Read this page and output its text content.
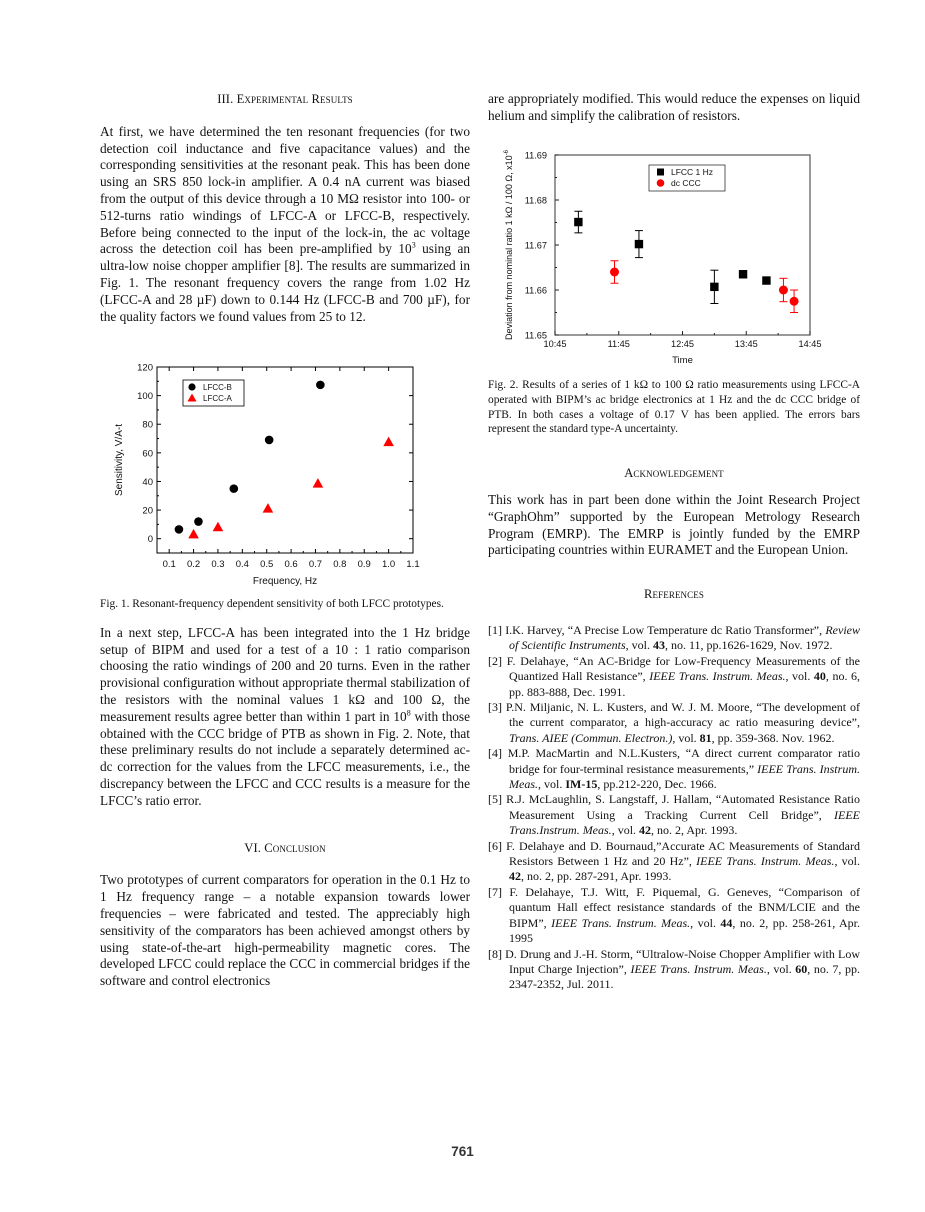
III. Experimental Results

At first, we have determined the ten resonant frequencies (for two detection coil inductance and five capacitance values) and the corresponding sensitivities at the resonant peak. This has been done using an SRS 850 lock-in amplifier. A 0.4 nA current was biased from the output of this device through a 10 MΩ resistor into 100- or 512-turns ratio windings of LFCC-A or LFCC-B, respectively. Before being connected to the input of the lock-in, the ac voltage across the detection coil has been pre-amplified by $10^3$ using an ultra-low noise chopper amplifier [8]. The results are summarized in Fig. 1. The resonant frequency covers the range from 1.02 Hz (LFCC-A and 28 µF) down to 0.144 Hz (LFCC-B and 700 µF), for the quality factors we found values from 25 to 12.

0.1 0.2 0.3 0.4 0.5 0.6 0.7 0.8 0.9 1.0 1.1
0
20
40
60
80
100
120
Frequency, Hz
Sensitivity, V/A-t
LFCC-B
LFCC-A

Fig. 1. Resonant-frequency dependent sensitivity of both LFCC prototypes.

In a next step, LFCC-A has been integrated into the 1 Hz bridge setup of BIPM and used for a test of a 10 : 1 ratio comparison choosing the ratio windings of 200 and 20 turns. Even in the rather provisional configuration without appropriate thermal stabilization of the resistors with the nominal values 1 kΩ and 100 Ω, the measurement results agree better than within 1 part in $10^8$ with those obtained with the CCC bridge of PTB as shown in Fig. 2. Note, that these preliminary results do not include a separately determined ac-dc correction for the values from the LFCC measurements, i.e., the discrepancy between the LFCC and CCC results is a measure for the LFCC’s ratio error.

VI. Conclusion

Two prototypes of current comparators for operation in the 0.1 Hz to 1 Hz frequency range – a notable expansion towards lower frequencies – were fabricated and tested. The appreciably high sensitivity of the comparators has been achieved amongst others by using state-of-the-art high-permeability magnetic cores. The developed LFCC could replace the CCC in commercial bridges if the software and control electronics

are appropriately modified. This would reduce the expenses on liquid helium and simplify the calibration of resistors.

10:45	11:45	12:45	13:45	14:45
11.65
11.66
11.67
11.68
11.69
Time
Deviation from nominal ratio 1 kΩ / 100 Ω, $x10^{-6}$
LFCC 1 Hz
dc CCC

Fig. 2. Results of a series of 1 kΩ to 100 Ω ratio measurements using LFCC-A operated with BIPM’s ac bridge electronics at 1 Hz and the dc CCC bridge of PTB. In both cases a voltage of 0.17 V has been applied. The errors bars represent the standard type-A uncertainty.

Acknowledgement

This work has in part been done within the Joint Research Project “GraphOhm” supported by the European Metrology Research Program (EMRP). The EMRP is jointly funded by the EMRP participating countries within EURAMET and the European Union.

References

[1] I.K. Harvey, “A Precise Low Temperature dc Ratio Transformer”, Review of Scientific Instruments, vol. 43, no. 11, pp.1626-1629, Nov. 1972.

[2] F. Delahaye, “An AC-Bridge for Low-Frequency Measurements of the Quantized Hall Resistance”, IEEE Trans. Instrum. Meas., vol. 40, no. 6, pp. 883-888, Dec. 1991.

[3] P.N. Miljanic, N. L. Kusters, and W. J. M. Moore, “The development of the current comparator, a high-accuracy ac ratio measuring device”, Trans. AIEE (Commun. Electron.), vol. 81, pp. 359-368. Nov. 1962.

[4] M.P. MacMartin and N.L.Kusters, “A direct current comparator ratio bridge for four-terminal resistance measurements,” IEEE Trans. Instrum. Meas., vol. IM-15, pp.212-220, Dec. 1966.

[5] R.J. McLaughlin, S. Langstaff, J. Hallam, “Automated Resistance Ratio Measurement Using a Tracking Current Cell Bridge”, IEEE Trans.Instrum. Meas., vol. 42, no. 2, Apr. 1993.

[6] F. Delahaye and D. Bournaud,”Accurate AC Measurements of Standard Resistors Between 1 Hz and 20 Hz”, IEEE Trans. Instrum. Meas., vol. 42, no. 2, pp. 287-291, Apr. 1993.

[7] F. Delahaye, T.J. Witt, F. Piquemal, G. Geneves, “Comparison of quantum Hall effect resistance standards of the BNM/LCIE and the BIPM”, IEEE Trans. Instrum. Meas., vol. 44, no. 2, pp. 258-261, Apr. 1995

[8] D. Drung and J.-H. Storm, “Ultralow-Noise Chopper Amplifier with Low Input Charge Injection”, IEEE Trans. Instrum. Meas., vol. 60, no. 7, pp. 2347-2352, Jul. 2011.

761
